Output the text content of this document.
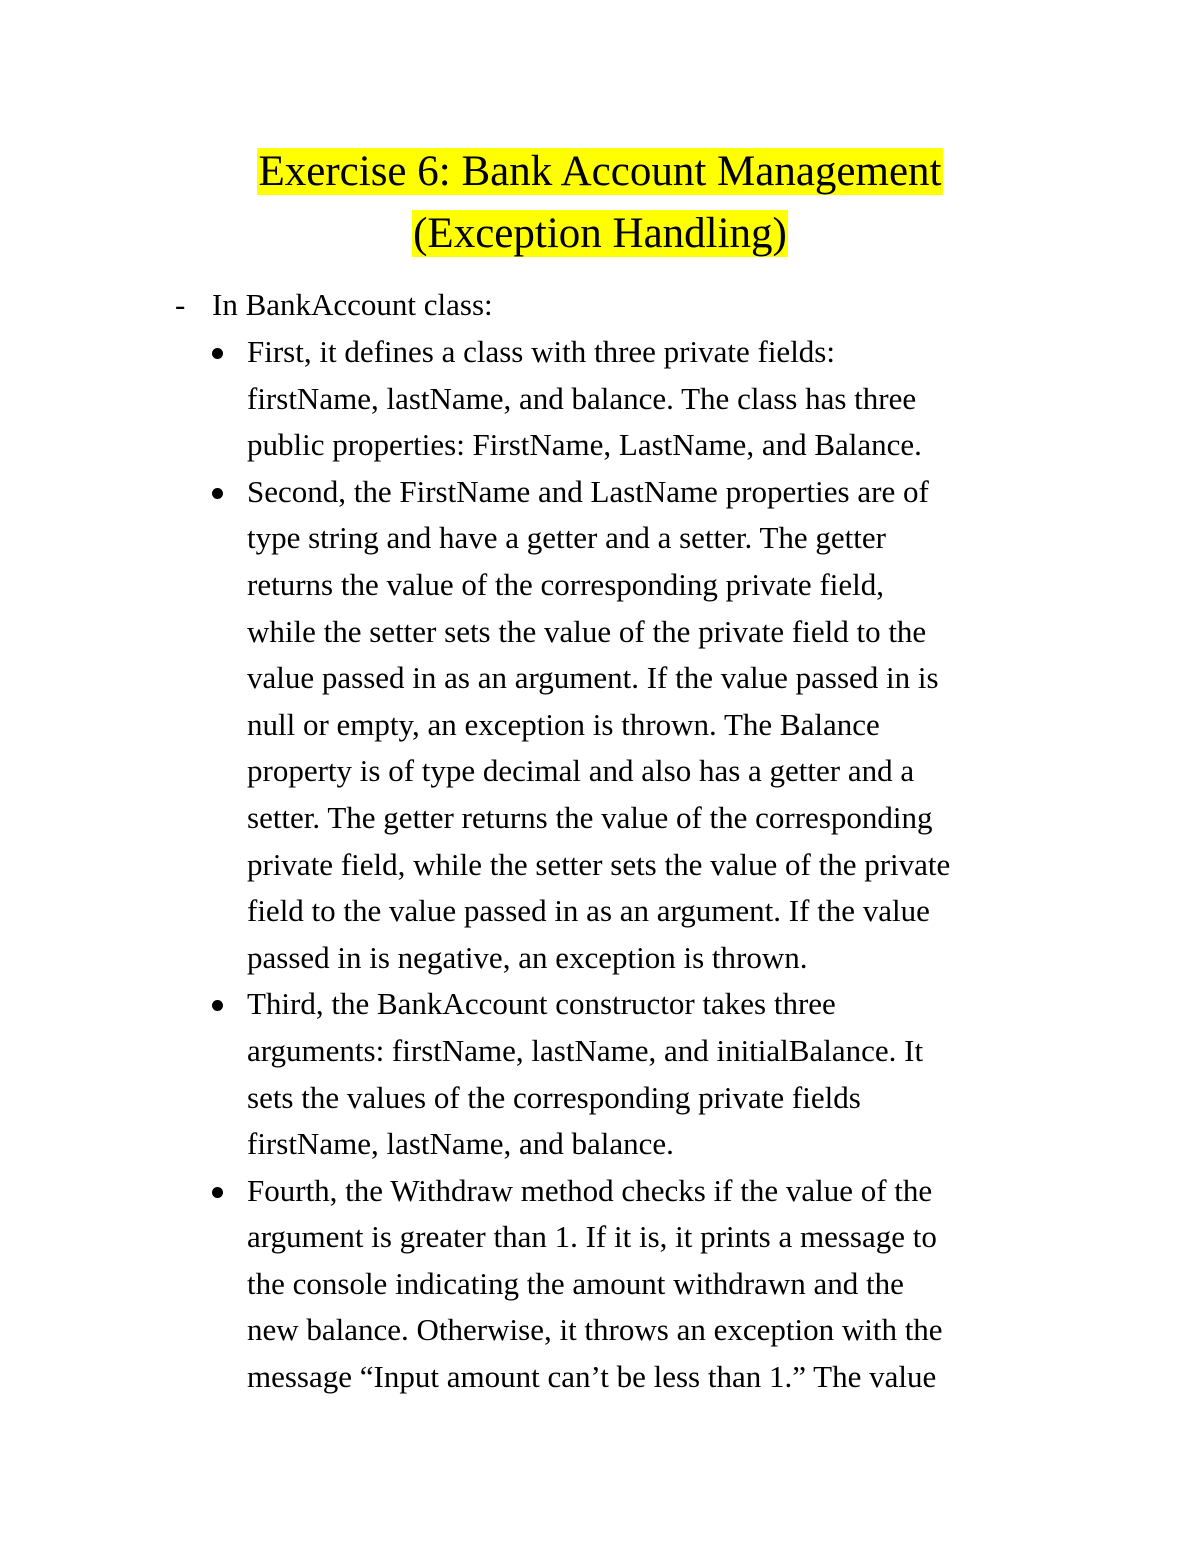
Exercise 6: Bank Account Management
(Exception Handling)
- In BankAccount class:
First, it defines a class with three private fields:
firstName, lastName, and balance. The class has three
public properties: FirstName, LastName, and Balance.
Second, the FirstName and LastName properties are of
type string and have a getter and a setter. The getter
returns the value of the corresponding private field,
while the setter sets the value of the private field to the
value passed in as an argument. If the value passed in is
null or empty, an exception is thrown. The Balance
property is of type decimal and also has a getter and a
setter. The getter returns the value of the corresponding
private field, while the setter sets the value of the private
field to the value passed in as an argument. If the value
passed in is negative, an exception is thrown.
Third, the BankAccount constructor takes three
arguments: firstName, lastName, and initialBalance. It
sets the values of the corresponding private fields
firstName, lastName, and balance.
Fourth, the Withdraw method checks if the value of the
argument is greater than 1. If it is, it prints a message to
the console indicating the amount withdrawn and the
new balance. Otherwise, it throws an exception with the
message “Input amount can’t be less than 1.” The value
